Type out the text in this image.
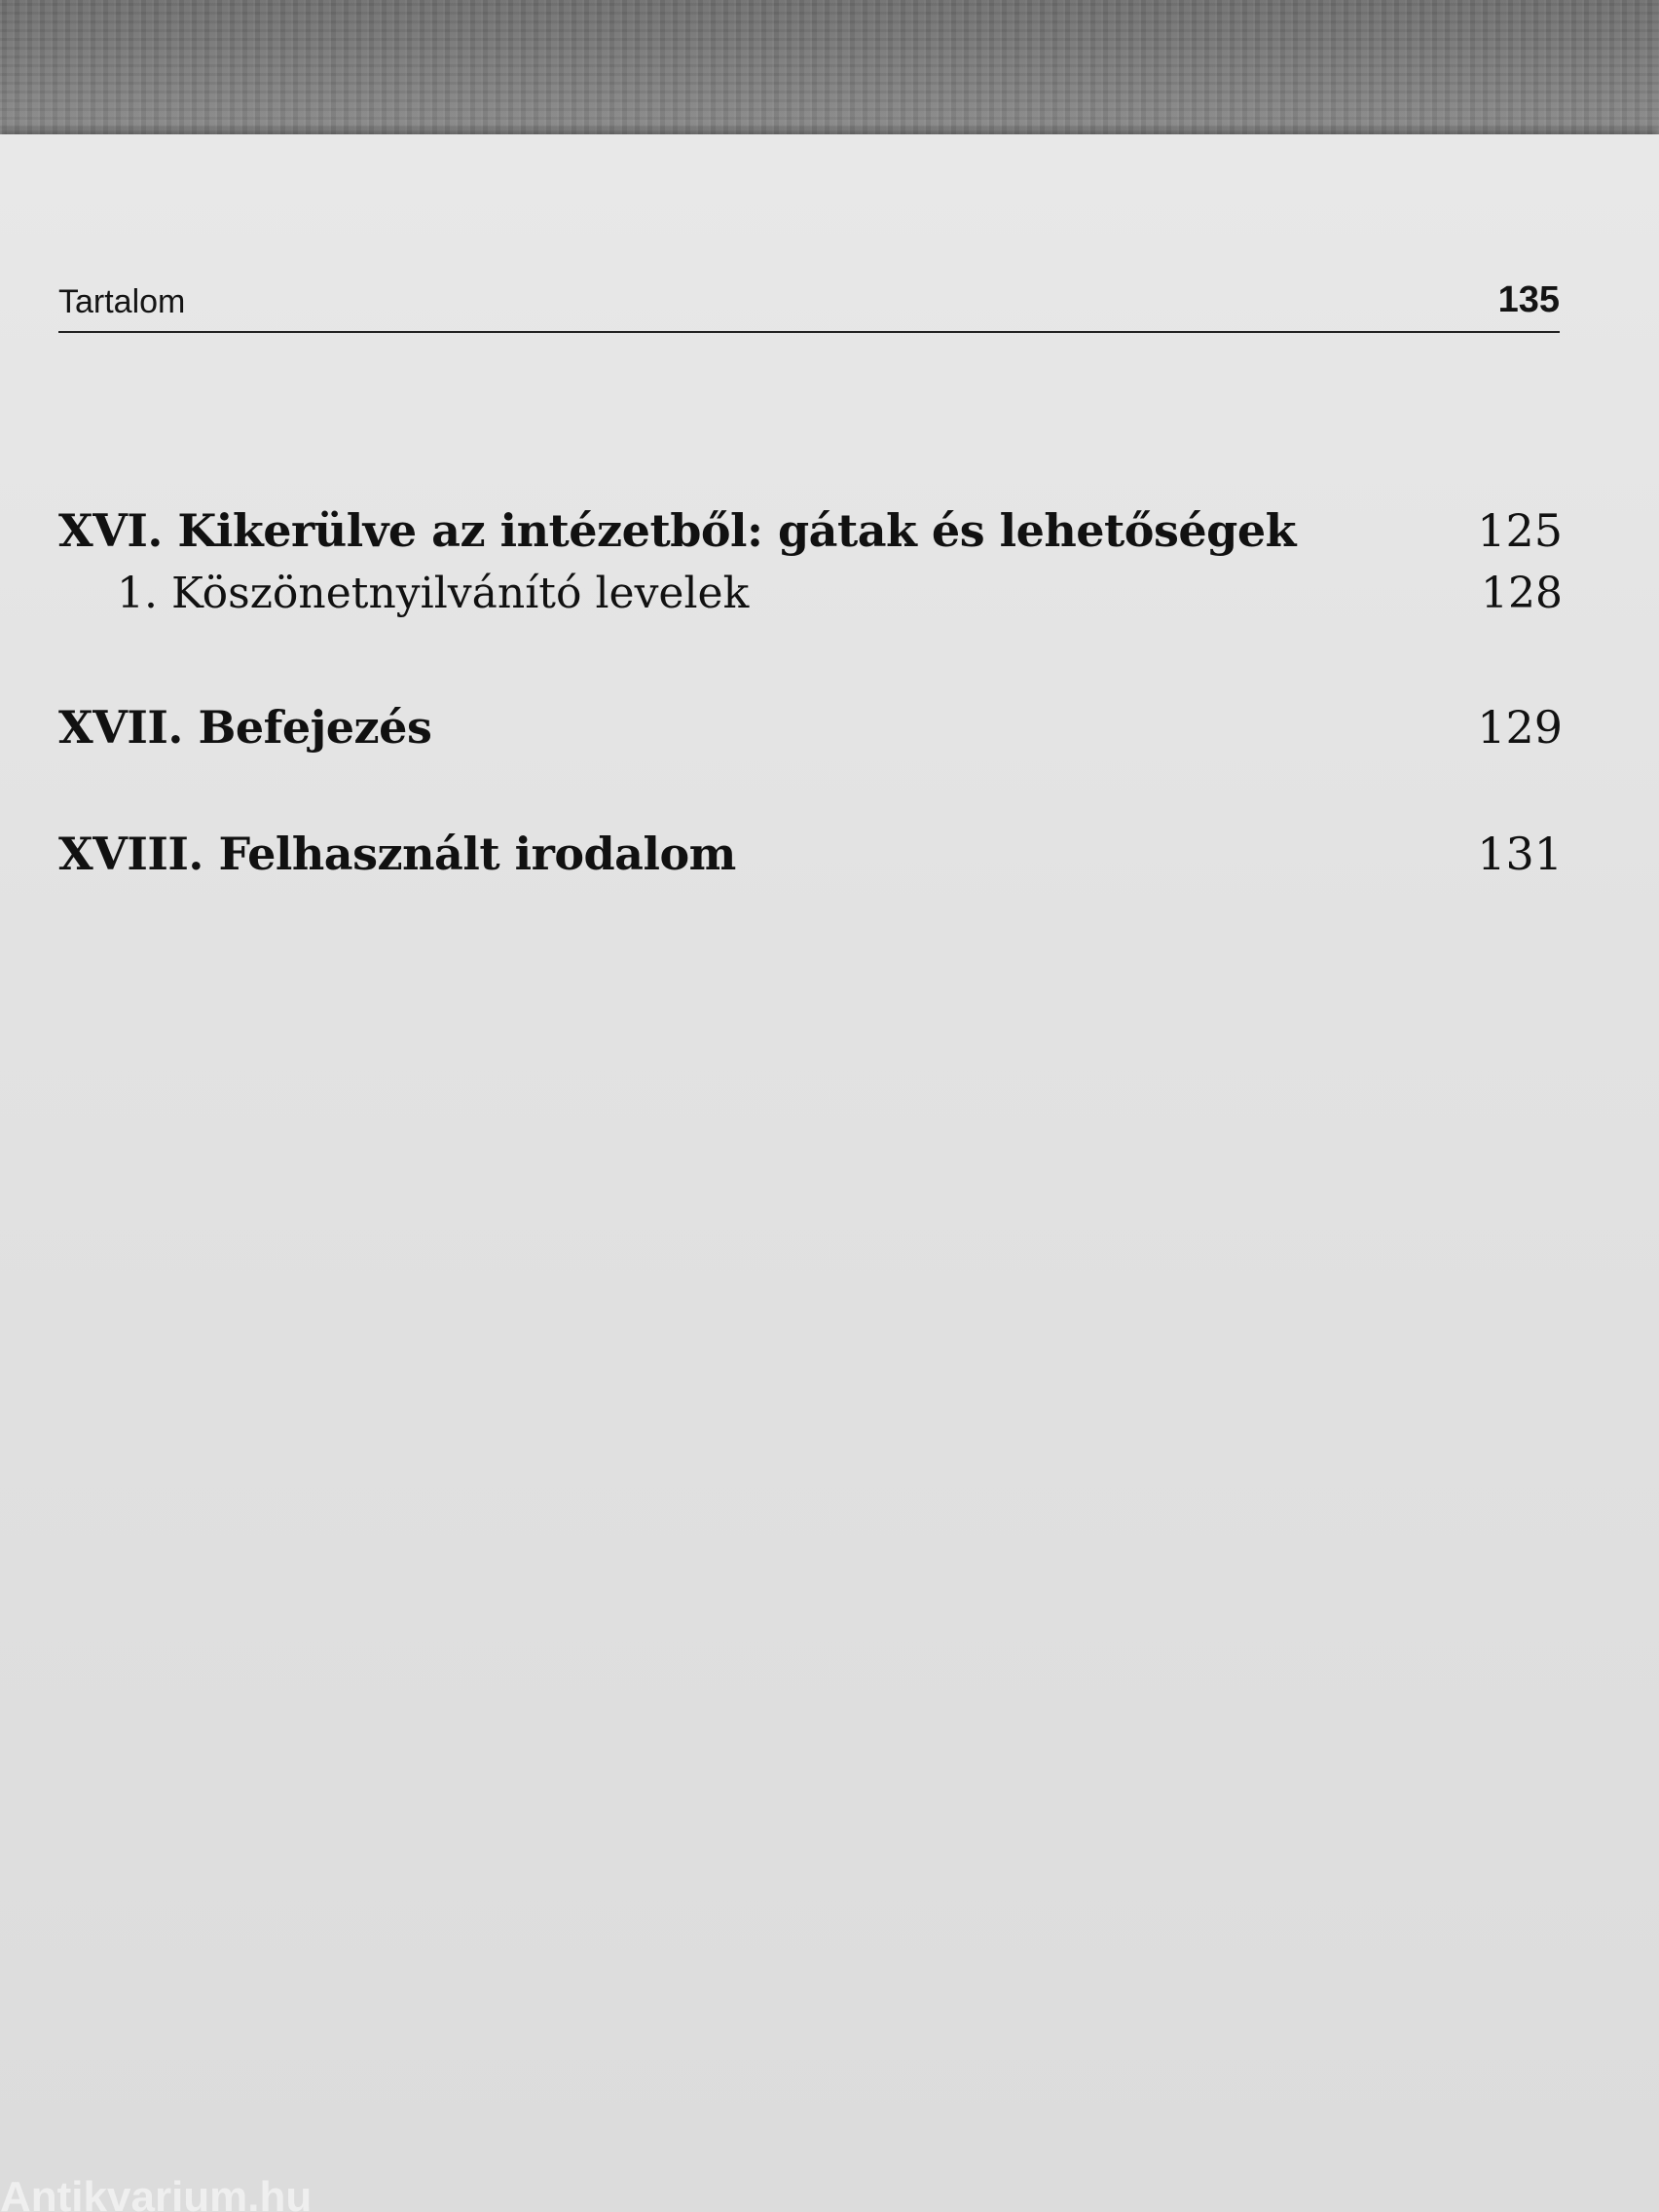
Tartalom	135
XVI. Kikerülve az intézetből: gátak és lehetőségek	125
1. Köszönetnyilvánító levelek	128
XVII. Befejezés	129
XVIII. Felhasznált irodalom	131
Antikvarium.hu
